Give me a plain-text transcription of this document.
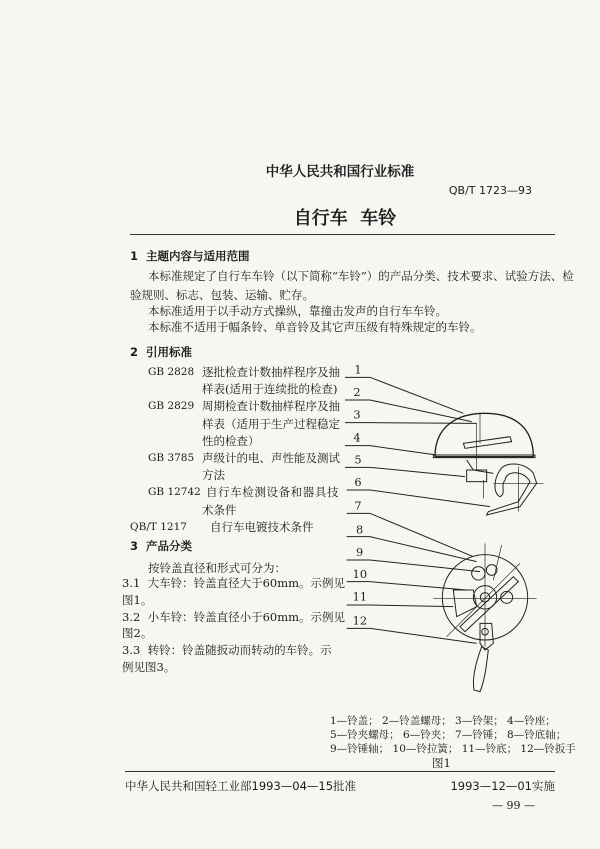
中华人民共和国行业标准
QB/T 1723—93
自行车  车铃
1  主题内容与适用范围
本标准规定了自行车车铃（以下简称“车铃”）的产品分类、技术要求、试验方法、检
验规则、标志、包装、运输、贮存。
本标准适用于以手动方式操纵，靠撞击发声的自行车车铃。
本标准不适用于幅条铃、单音铃及其它声压级有特殊规定的车铃。
2  引用标准
GB 2828 逐批检查计数抽样程序及抽
样表(适用于连续批的检查)
GB 2829 周期检查计数抽样程序及抽
样表（适用于生产过程稳定
性的检查）
GB 3785 声级计的电、声性能及测试
方法
GB 12742 自行车检测设备和器具技
术条件
QB/T 1217 自行车电镀技术条件
3  产品分类
按铃盖直径和形式可分为：
3.1  大车铃：铃盖直径大于60mm。示例见
图1。
3.2  小车铃：铃盖直径小于60mm。示例见
图2。
3.3  转铃：铃盖随扳动而转动的车铃。示
例见图3。
1
2
3
4
5
6
7
8
9
10
11
12
1—铃盖； 2—铃盖螺母； 3—铃架； 4—铃座；
5—铃夹螺母； 6—铃夹； 7—铃锤； 8—铃底轴；
9—铃锤轴； 10—铃拉簧； 11—铃底； 12—铃扳手
图1
中华人民共和国轻工业部1993—04—15批准	1993—12—01实施
— 99 —
